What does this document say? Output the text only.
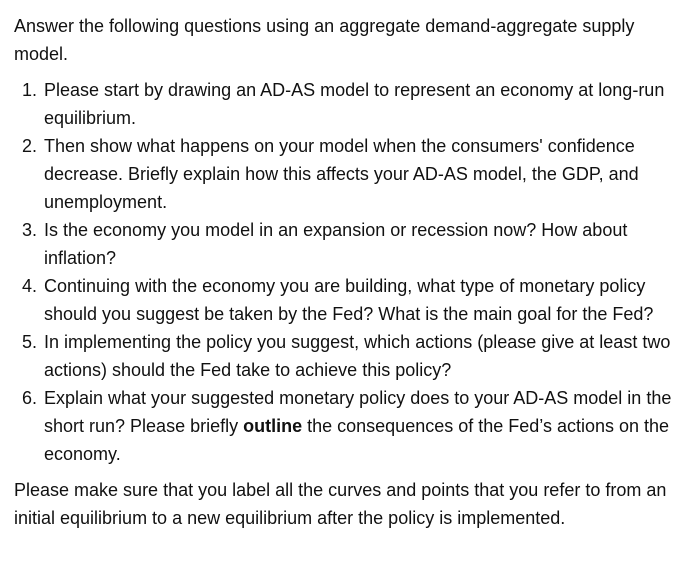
Answer the following questions using an aggregate demand-aggregate supply model.

1. Please start by drawing an AD-AS model to represent an economy at long-run equilibrium.
2. Then show what happens on your model when the consumers' confidence decrease. Briefly explain how this affects your AD-AS model, the GDP, and unemployment.
3. Is the economy you model in an expansion or recession now? How about inflation?
4. Continuing with the economy you are building, what type of monetary policy should you suggest be taken by the Fed? What is the main goal for the Fed?
5. In implementing the policy you suggest, which actions (please give at least two actions) should the Fed take to achieve this policy?
6. Explain what your suggested monetary policy does to your AD-AS model in the short run? Please briefly outline the consequences of the Fed’s actions on the economy.

Please make sure that you label all the curves and points that you refer to from an initial equilibrium to a new equilibrium after the policy is implemented.
